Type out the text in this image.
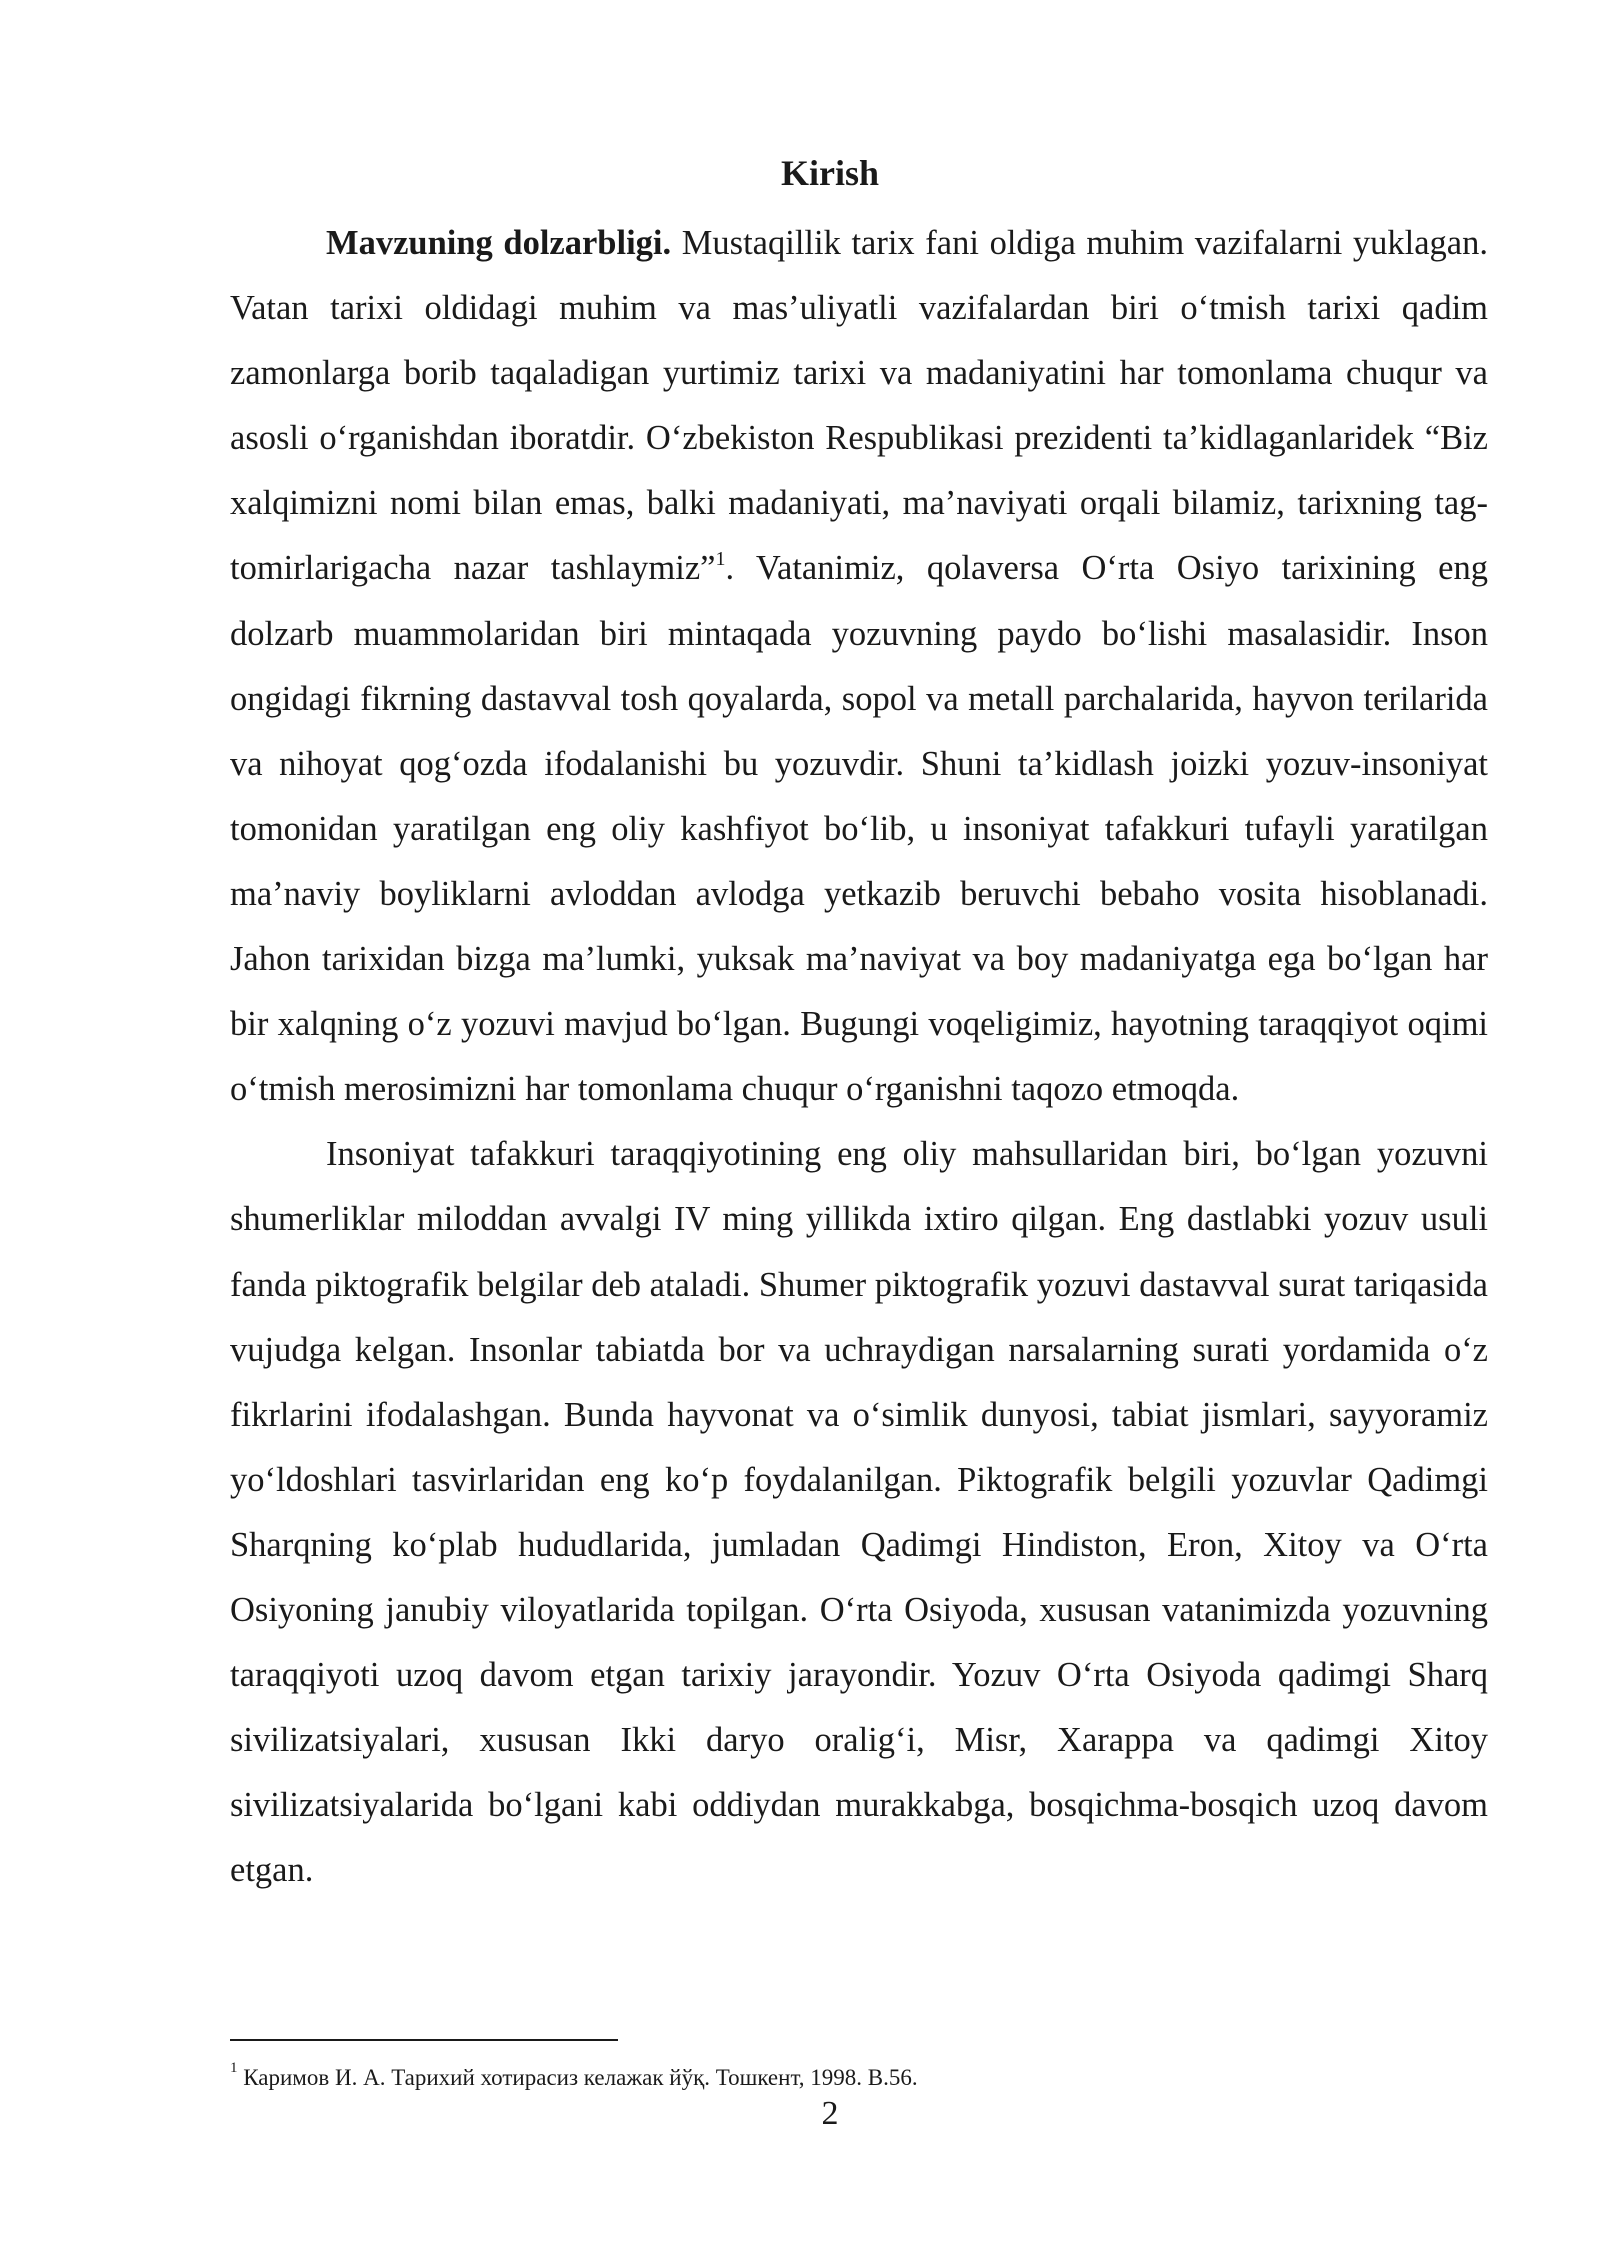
Kirish

Mavzuning dolzarbligi. Mustaqillik tarix fani oldiga muhim vazifalarni yuklagan. Vatan tarixi oldidagi muhim va mas’uliyatli vazifalardan biri o‘tmish tarixi qadim zamonlarga borib taqaladigan yurtimiz tarixi va madaniyatini har tomonlama chuqur va asosli o‘rganishdan iboratdir. O‘zbekiston Respublikasi prezidenti ta’kidlaganlaridek “Biz xalqimizni nomi bilan emas, balki madaniyati, ma’naviyati orqali bilamiz, tarixning tag-tomirlarigacha nazar tashlaymiz”$^1$. Vatanimiz, qolaversa O‘rta Osiyo tarixining eng dolzarb muammolaridan biri mintaqada yozuvning paydo bo‘lishi masalasidir. Inson ongidagi fikrning dastavval tosh qoyalarda, sopol va metall parchalarida, hayvon terilarida va nihoyat qog‘ozda ifodalanishi bu yozuvdir. Shuni ta’kidlash joizki yozuv-insoniyat tomonidan yaratilgan eng oliy kashfiyot bo‘lib, u insoniyat tafakkuri tufayli yaratilgan ma’naviy boyliklarni avloddan avlodga yetkazib beruvchi bebaho vosita hisoblanadi. Jahon tarixidan bizga ma’lumki, yuksak ma’naviyat va boy madaniyatga ega bo‘lgan har bir xalqning o‘z yozuvi mavjud bo‘lgan. Bugungi voqeligimiz, hayotning taraqqiyot oqimi o‘tmish merosimizni har tomonlama chuqur o‘rganishni taqozo etmoqda.

Insoniyat tafakkuri taraqqiyotining eng oliy mahsullaridan biri, bo‘lgan yozuvni shumerliklar miloddan avvalgi IV ming yillikda ixtiro qilgan. Eng dastlabki yozuv usuli fanda piktografik belgilar deb ataladi. Shumer piktografik yozuvi dastavval surat tariqasida vujudga kelgan. Insonlar tabiatda bor va uchraydigan narsalarning surati yordamida o‘z fikrlarini ifodalashgan. Bunda hayvonat va o‘simlik dunyosi, tabiat jismlari, sayyoramiz yo‘ldoshlari tasvirlaridan eng ko‘p foydalanilgan. Piktografik belgili yozuvlar Qadimgi Sharqning ko‘plab hududlarida, jumladan Qadimgi Hindiston, Eron, Xitoy va O‘rta Osiyoning janubiy viloyatlarida topilgan. O‘rta Osiyoda, xususan vatanimizda yozuvning taraqqiyoti uzoq davom etgan tarixiy jarayondir. Yozuv O‘rta Osiyoda qadimgi Sharq sivilizatsiyalari, xususan Ikki daryo oralig‘i, Misr, Xarappa va qadimgi Xitoy sivilizatsiyalarida bo‘lgani kabi oddiydan murakkabga, bosqichma-bosqich uzoq davom etgan.

$^1$ Каримов И. А. Тарихий хотирасиз келажак йўқ. Тошкент, 1998. B.56.
2
